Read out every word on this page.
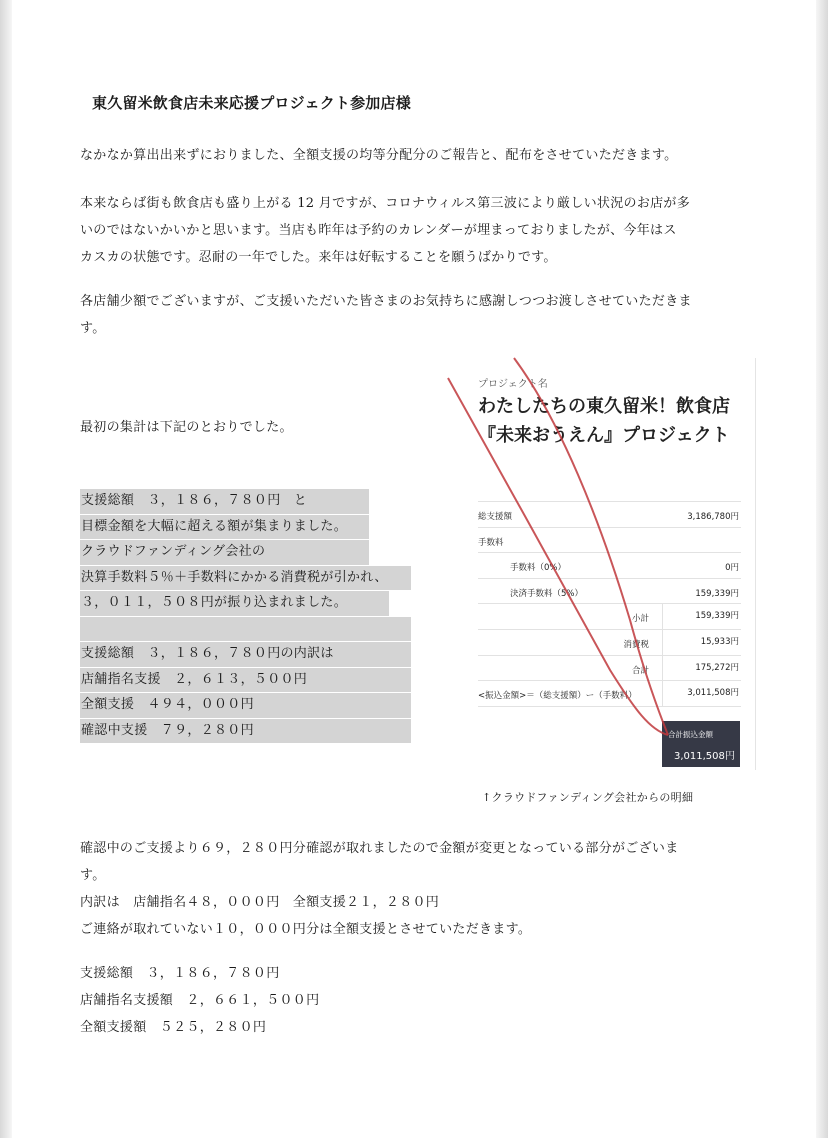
東久留米飲食店未来応援プロジェクト参加店様
なかなか算出出来ずにおりました、全額支援の均等分配分のご報告と、配布をさせていただきます。
本来ならば街も飲食店も盛り上がる 12 月ですが、コロナウィルス第三波により厳しい状況のお店が多
いのではないかいかと思います。当店も昨年は予約のカレンダーが埋まっておりましたが、今年はス
カスカの状態です。忍耐の一年でした。来年は好転することを願うばかりです。
各店舗少額でございますが、ご支援いただいた皆さまのお気持ちに感謝しつつお渡しさせていただきま
す。
最初の集計は下記のとおりでした。
支援総額　３，１８６，７８０円　と
目標金額を大幅に超える額が集まりました。
クラウドファンディング会社の
決算手数料５％＋手数料にかかる消費税が引かれ、
３，０１１，５０８円が振り込まれました。
支援総額　３，１８６，７８０円の内訳は
店舗指名支援　２，６１３，５００円
全額支援　４９４，０００円
確認中支援　７９，２８０円
プロジェクト名
わたしたちの東久留米！飲食店『未来おうえん』プロジェクト
総支援額	3,186,780円
手数料
手数料（0%）	0円
決済手数料（5%）	159,339円
小計	159,339円
消費税	15,933円
合計	175,272円
<振込金額>＝（総支援額）ー（手数料）	3,011,508円
合計振込金額
3,011,508円
↑クラウドファンディング会社からの明細
確認中のご支援より６９，２８０円分確認が取れましたので金額が変更となっている部分がございま
す。
内訳は　店舗指名４８，０００円　全額支援２１，２８０円
ご連絡が取れていない１０，０００円分は全額支援とさせていただきます。
支援総額　３，１８６，７８０円
店舗指名支援額　２，６６１，５００円
全額支援額　５２５，２８０円
